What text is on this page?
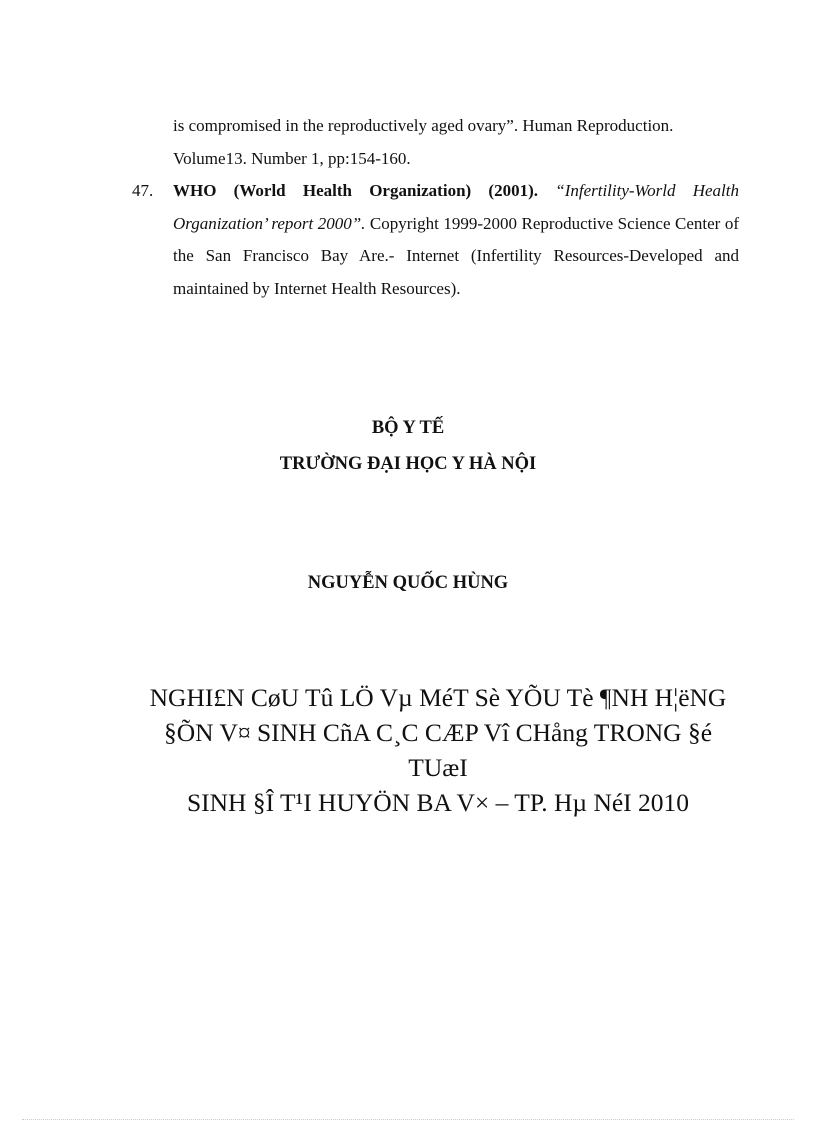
is compromised in the reproductively aged ovary”. Human Reproduction.
Volume13. Number 1, pp:154-160.
47.	WHO (World Health Organization) (2001). “Infertility-World Health Organization’ report 2000”. Copyright 1999-2000 Reproductive Science Center of the San Francisco Bay Are.- Internet (Infertility Resources-Developed and maintained by Internet Health Resources).
BỘ Y TẾ
TRƯỜNG ĐẠI HỌC Y HÀ NỘI
NGUYỄN QUỐC HÙNG
NGHI£N CøU Tû LÖ Vµ MéT Sè YÕU Tè ¶NH H¦ëNG
§ÕN V¤ SINH CñA C¸C CÆP Vî CHång TRONG §é
TUæI
SINH §Î T¹I HUYÖN BA V× – TP. Hµ NéI 2010
